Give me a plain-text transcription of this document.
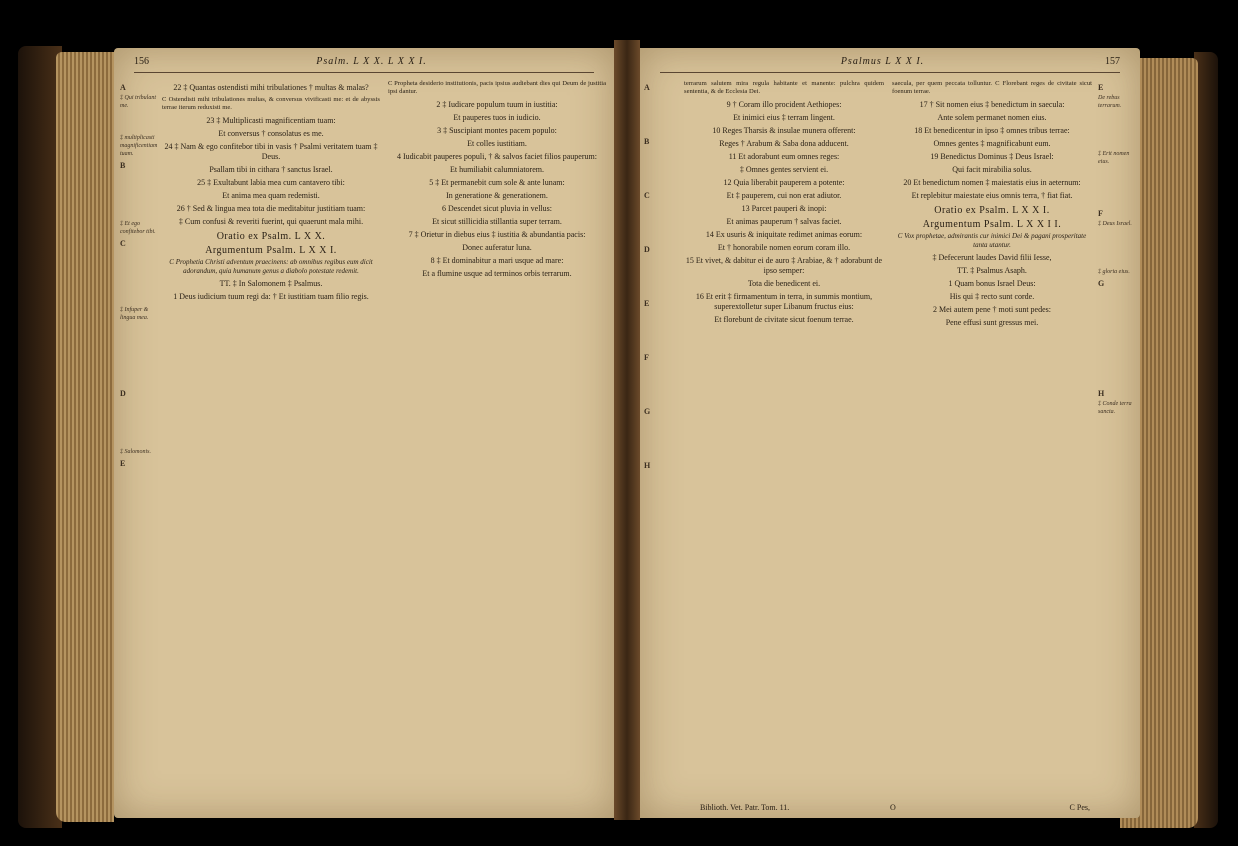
156	Psalm. L X X. L X X I.
A
‡ Qui tribulant me.

‡ multiplicasti magnificentiam tuam.
B

‡ Et ego confitebor tibi.
C

‡ Infuper & lingua mea.

D

‡ Salomonis.
E
22 ‡ Quantas ostendisti mihi tribulationes † multas & malas?

C Ostendisti mihi tribulationes multas, & conversus vivificasti me: et de abyssis terrae iterum reduxisti me.

23 ‡ Multiplicasti magnificentiam tuam:
Et conversus † consolatus es me.
24 ‡ Nam & ego confitebor tibi in vasis † Psalmi veritatem tuam ‡ Deus.
Psallam tibi in cithara † sanctus Israel.
25 ‡ Exultabunt labia mea cum cantavero tibi:
Et anima mea quam redemisti.
26 † Sed & lingua mea tota die meditabitur justitiam tuam:
‡ Cum confusi & reveriti fuerint, qui quaerunt mala mihi.
Oratio ex Psalm. L X X.
Argumentum Psalm. L X X I.
C Prophetia Christi adventum praecinens: ab omnibus regibus eum dicit adorandum, quia humanum genus a diabolo potestate redemit.
TT. ‡ In Salomonem ‡ Psalmus.
1 Deus iudicium tuum regi da: † Et iustitiam tuam filio regis.

C Propheta desiderio institutionis, pacis ipsius audiebant dies qui Deum de justitia ipsi dantur.

2 ‡ Iudicare populum tuum in iustitia:
Et pauperes tuos in iudicio.
3 ‡ Suscipiant montes pacem populo:
Et colles iustitiam.
4 Iudicabit pauperes populi, † & salvos faciet filios pauperum:
Et humiliabit calumniatorem.
5 ‡ Et permanebit cum sole & ante lunam:
In generatione & generationem.
6 Descendet sicut pluvia in vellus:
Et sicut stillicidia stillantia super terram.
7 ‡ Orietur in diebus eius ‡ iustitia & abundantia pacis:
Donec auferatur luna.
8 ‡ Et dominabitur a mari usque ad mare:
Et a flumine usque ad terminos orbis terrarum.
Psalmus L X X I.	157
A

B

C

D

E

F

G

H
E
De rebus terrarum.

‡ Erit nomen eius.

F
‡ Deus Israel.

‡ gloria eius.
G

H
‡ Conde terra sancta.

terrarum salutem mira regula habitante et manente: pulchra quidem sententia, & de Ecclesia Dei.

9 † Coram illo procident Aethiopes:
Et inimici eius ‡ terram lingent.
10 Reges Tharsis & insulae munera offerent:
Reges † Arabum & Saba dona adducent.
11 Et adorabunt eum omnes reges:
‡ Omnes gentes servient ei.
12 Quia liberabit pauperem a potente:
Et ‡ pauperem, cui non erat adiutor.
13 Parcet pauperi & inopi:
Et animas pauperum † salvas faciet.
14 Ex usuris & iniquitate redimet animas eorum:
Et † honorabile nomen eorum coram illo.
15 Et vivet, & dabitur ei de auro ‡ Arabiae, & † adorabunt de ipso semper:
Tota die benedicent ei.
16 Et erit ‡ firmamentum in terra, in summis montium, superextolletur super Libanum fructus eius:
Et florebunt de civitate sicut foenum terrae.

saecula, per quem peccata tolluntur. C Florebant reges de civitate sicut foenum terrae.

17 † Sit nomen eius ‡ benedictum in saecula:
Ante solem permanet nomen eius.
18 Et benedicentur in ipso ‡ omnes tribus terrae:
Omnes gentes ‡ magnificabunt eum.
19 Benedictus Dominus ‡ Deus Israel:
Qui facit mirabilia solus.
20 Et benedictum nomen ‡ maiestatis eius in aeternum:
Et replebitur maiestate eius omnis terra, † fiat fiat.
Oratio ex Psalm. L X X I.
Argumentum Psalm. L X X I I.
C Vox prophetae, admirantis cur inimici Dei & pagani prosperitate tanta utantur.
‡ Defecerunt laudes David filii Iesse,
TT. ‡ Psalmus Asaph.
1 Quam bonus Israel Deus:
His qui ‡ recto sunt corde.
2 Mei autem pene † moti sunt pedes:
Pene effusi sunt gressus mei.
Biblioth. Vet. Patr. Tom. 11.	O	C Pes,
